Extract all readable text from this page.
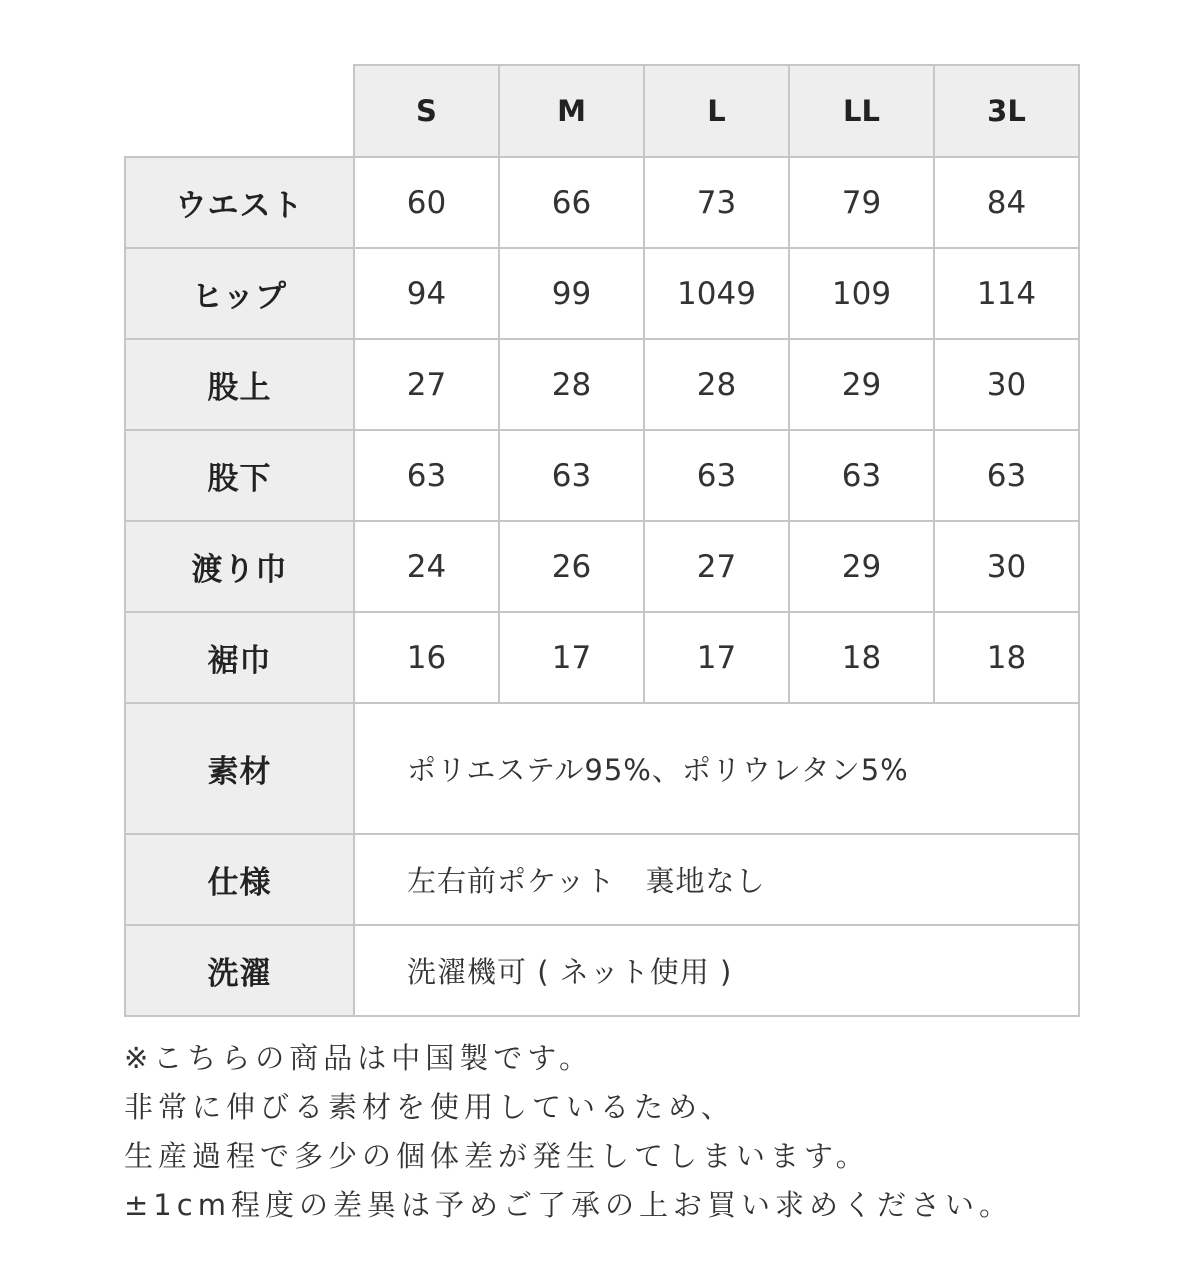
	S	M	L	LL	3L
ウエスト	60	66	73	79	84
ヒップ	94	99	1049	109	114
股上	27	28	28	29	30
股下	63	63	63	63	63
渡り巾	24	26	27	29	30
裾巾	16	17	17	18	18
素材	ポリエステル95%、ポリウレタン5%				
仕様	左右前ポケット　裏地なし				
洗濯	洗濯機可 ( ネット使用 )				
※こちらの商品は中国製です。
非常に伸びる素材を使用しているため、
生産過程で多少の個体差が発生してしまいます。
±1cm程度の差異は予めご了承の上お買い求めください。
